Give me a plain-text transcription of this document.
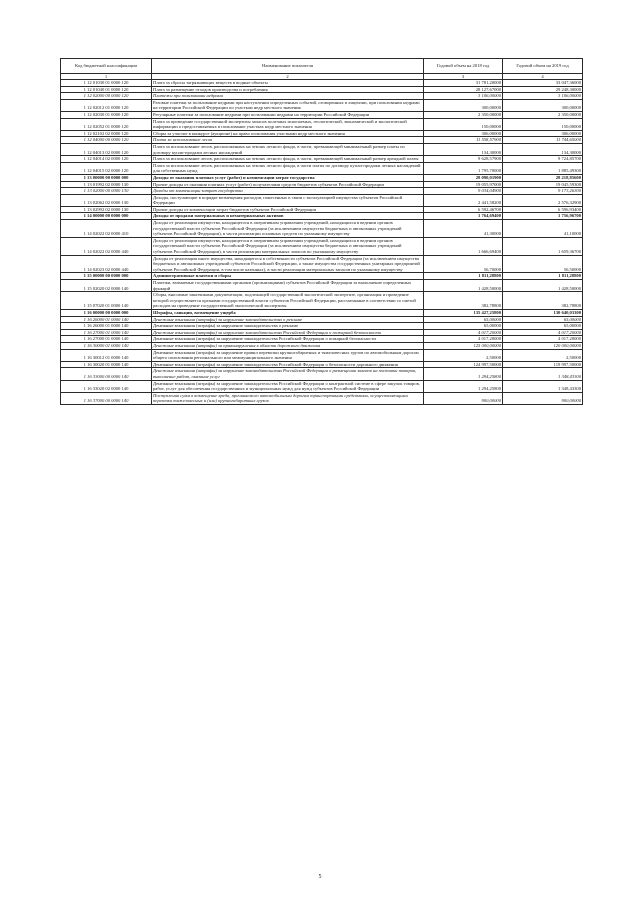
Код бюджетной классификации	Наименование показателя	Годовой объем на 2018 год	Годовой объем на 2019 год
1	2	3	4
1 12 01030 01 0000 120	Плата за сбросы загрязняющих веществ в водные объекты	31 781,20000	33 047,36000
1 12 01040 01 0000 120	Плата за размещение отходов производства и потребления	28 127,67000	29 248,30000
1 12 02000 00 0000 120	Платежи при пользовании недрами	3 106,00000	3 106,00000
1 12 02012 01 0000 120	Разовые платежи за пользование недрами при наступлении определенных событий, оговоренных в лицензии, при пользовании недрами на территории Российской Федерации по участкам недр местного значения	300,00000	300,00000
1 12 02030 01 0000 120	Регулярные платежи за пользование недрами при пользовании недрами на территории Российской Федерации	2 350,00000	2 350,00000
1 12 02052 01 0000 120	Плата за проведение государственной экспертизы запасов полезных ископаемых, геологической, экономической и экологической информации о предоставляемых в пользование участках недр местного значения	150,00000	150,00000
1 12 02102 02 0000 120	Сборы за участие в конкурсе (аукционе) на право пользования участками недр местного значения	306,00000	306,00000
1 12 04000 00 0000 120	Плата за использование лесов	11 558,57900	11 744,65000
1 12 04013 02 0000 120	Плата за использование лесов, расположенных на землях лесного фонда, в части, превышающей минимальный размер платы по договору купли-продажи лесных насаждений	134,30000	134,30000
1 12 04014 02 0000 120	Плата за использование лесов, расположенных на землях лесного фонда, в части, превышающей минимальный размер арендной платы	9 628,57900	9 724,85700
1 12 04015 02 0000 120	Плата за использование лесов, расположенных на землях лесного фонда, в части платы по договору купли-продажи лесных насаждений для собственных нужд	1 795,70000	1 885,49300
1 13 00000 00 0000 000	Доходы от оказания платных услуг (работ) и компенсации затрат государства	28 090,01900	28 218,85600
1 13 01992 02 0000 130	Прочие доходы от оказания платных услуг (работ) получателями средств бюджетов субъектов Российской Федерации	19 055,97000	19 045,59300
1 13 02000 00 0000 130	Доходы от компенсации затрат государства	9 034,04900	9 173,26300
1 13 02062 02 0000 130	Доходы, поступающие в порядке возмещения расходов, понесенных в связи с эксплуатацией имущества субъектов Российской Федерации	2 441,58200	2 576,32900
1 13 02992 02 0000 130	Прочие доходы от компенсации затрат бюджетов субъектов Российской Федерации	6 592,46700	6 596,93400
1 14 00000 00 0000 000	Доходы от продажи материальных и нематериальных активов	1 764,69400	1 756,96700
1 14 02022 02 0000 410	Доходы от реализации имущества, находящегося в оперативном управлении учреждений, находящихся в ведении органов государственной власти субъектов Российской Федерации (за исключением имущества бюджетных и автономных учреждений субъектов Российской Федерации), в части реализации основных средств по указанному имуществу	41,30000	41,10000
1 14 02022 02 0000 440	Доходы от реализации имущества, находящегося в оперативном управлении учреждений, находящихся в ведении органов государственной власти субъектов Российской Федерации (за исключением имущества бюджетных и автономных учреждений субъектов Российской Федерации), в части реализации материальных запасов по указанному имуществу	1 666,69400	1 659,36700
1 14 02023 02 0000 440	Доходы от реализации иного имущества, находящегося в собственности субъектов Российской Федерации (за исключением имущества бюджетных и автономных учреждений субъектов Российской Федерации, а также имущества государственных унитарных предприятий субъектов Российской Федерации, в том числе казенных), в части реализации материальных запасов по указанному имуществу	56,70000	56,50000
1 15 00000 00 0000 000	Административные платежи и сборы	1 811,28800	1 811,28800
1 15 02020 02 0000 140	Платежи, взимаемые государственными органами (организациями) субъектов Российской Федерации за выполнение определенных функций	1 428,50000	1 428,50000
1 15 07020 01 0000 140	Сборы, вносимые заказчиками документации, подлежащей государственной экологической экспертизе, организация и проведение которой осуществляется органами государственной власти субъектов Российской Федерации, рассчитанные в соответствии со сметой расходов на проведение государственной экологической экспертизы	382,78800	382,78800
1 16 00000 00 0000 000	Штрафы, санкции, возмещение ущерба	135 427,25800	130 640,03300
1 16 26000 01 0000 140	Денежные взыскания (штрафы) за нарушение законодательства о рекламе	65,00000	65,00000
1 16 26000 01 0000 140	Денежные взыскания (штрафы) за нарушение законодательства о рекламе	65,00000	65,00000
1 16 27000 01 0000 140	Денежные взыскания (штрафы) за нарушение законодательства Российской Федерации о пожарной безопасности	4 017,20000	4 017,20000
1 16 27000 01 0000 140	Денежные взыскания (штрафы) за нарушение законодательства Российской Федерации о пожарной безопасности	4 017,20000	4 017,20000
1 16 30000 01 0000 140	Денежные взыскания (штрафы) за правонарушения в области дорожного движения	125 000,00000	120 000,00000
1 16 30012 01 0000 140	Денежные взыскания (штрафы) за нарушение правил перевозки крупногабаритных и тяжеловесных грузов по автомобильным дорогам общего пользования регионального или межмуниципального значения	2,50000	2,50000
1 16 30020 01 0000 140	Денежные взыскания (штрафы) за нарушение законодательства Российской Федерации о безопасности дорожного движения	124 997,50000	119 997,50000
1 16 33000 00 0000 140	Денежные взыскания (штрафы) за нарушение законодательства Российской Федерации о размещении заказов на поставки товаров, выполнение работ, оказание услуг	1 294,25800	1 348,43300
1 16 33020 02 0000 140	Денежные взыскания (штрафы) за нарушение законодательства Российской Федерации о контрактной системе в сфере закупок товаров, работ, услуг для обеспечения государственных и муниципальных нужд для нужд субъектов Российской Федерации	1 294,25800	1 348,43300
1 16 37000 00 0000 140	Поступления сумм в возмещение вреда, причиняемого автомобильным дорогам транспортными средствами, осуществляющими перевозки тяжеловесных и (или) крупногабаритных грузов	900,00000	900,00000
5
